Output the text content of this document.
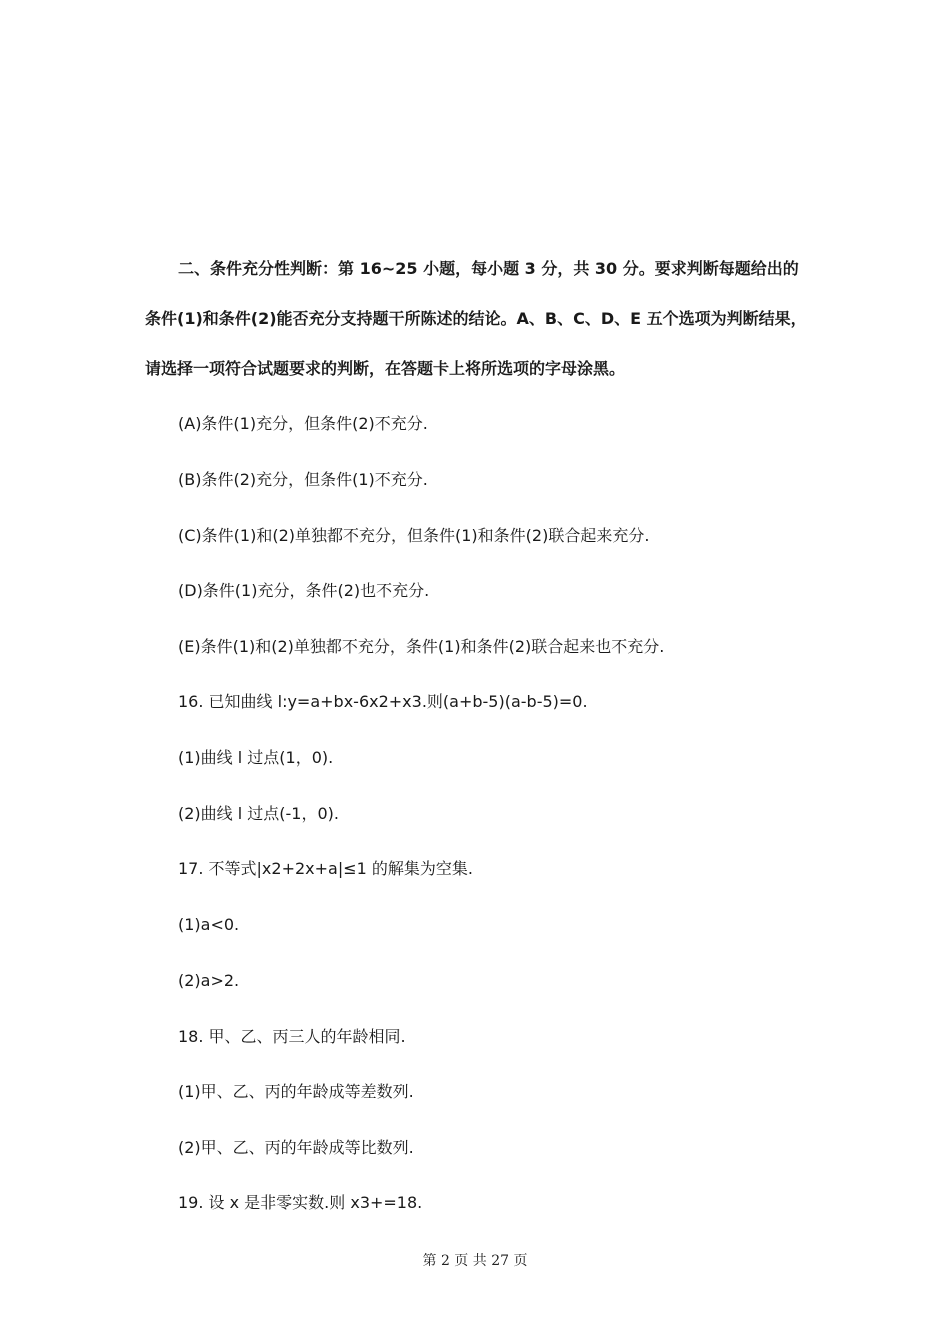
二、条件充分性判断：第 16~25 小题，每小题 3 分，共 30 分。要求判断每题给出的
条件(1)和条件(2)能否充分支持题干所陈述的结论。A、B、C、D、E 五个选项为判断结果，
请选择一项符合试题要求的判断，在答题卡上将所选项的字母涂黑。
(A)条件(1)充分，但条件(2)不充分.
(B)条件(2)充分，但条件(1)不充分.
(C)条件(1)和(2)单独都不充分，但条件(1)和条件(2)联合起来充分.
(D)条件(1)充分，条件(2)也不充分.
(E)条件(1)和(2)单独都不充分，条件(1)和条件(2)联合起来也不充分.
16. 已知曲线 l:y=a+bx-6x2+x3.则(a+b-5)(a-b-5)=0.
(1)曲线 l 过点(1，0).
(2)曲线 l 过点(-1，0).
17. 不等式|x2+2x+a|≤1 的解集为空集.
(1)a<0.
(2)a>2.
18. 甲、乙、丙三人的年龄相同.
(1)甲、乙、丙的年龄成等差数列.
(2)甲、乙、丙的年龄成等比数列.
19. 设 x 是非零实数.则 x3+=18.
第 2 页 共 27 页
